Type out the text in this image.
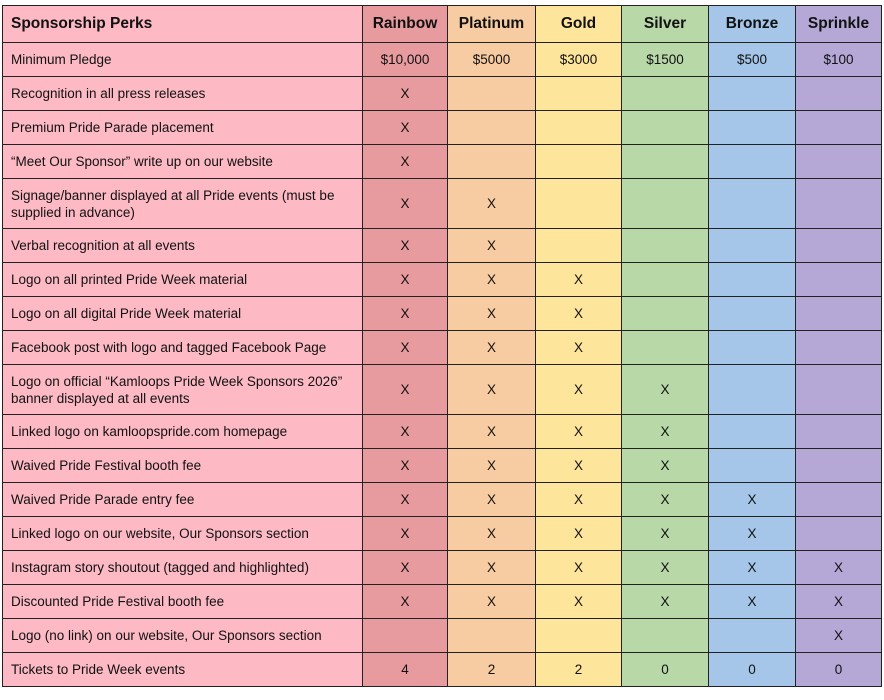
Sponsorship Perks	Rainbow	Platinum	Gold	Silver	Bronze	Sprinkle
Minimum Pledge	$10,000	$5000	$3000	$1500	$500	$100
Recognition in all press releases	X					
Premium Pride Parade placement	X					
“Meet Our Sponsor” write up on our website	X					
Signage/banner displayed at all Pride events (must be supplied in advance)	X	X				
Verbal recognition at all events	X	X				
Logo on all printed Pride Week material	X	X	X			
Logo on all digital Pride Week material	X	X	X			
Facebook post with logo and tagged Facebook Page	X	X	X			
Logo on official “Kamloops Pride Week Sponsors 2026” banner displayed at all events	X	X	X	X		
Linked logo on kamloopspride.com homepage	X	X	X	X		
Waived Pride Festival booth fee	X	X	X	X		
Waived Pride Parade entry fee	X	X	X	X	X	
Linked logo on our website, Our Sponsors section	X	X	X	X	X	
Instagram story shoutout (tagged and highlighted)	X	X	X	X	X	X
Discounted Pride Festival booth fee	X	X	X	X	X	X
Logo (no link) on our website, Our Sponsors section						X
Tickets to Pride Week events	4	2	2	0	0	0
